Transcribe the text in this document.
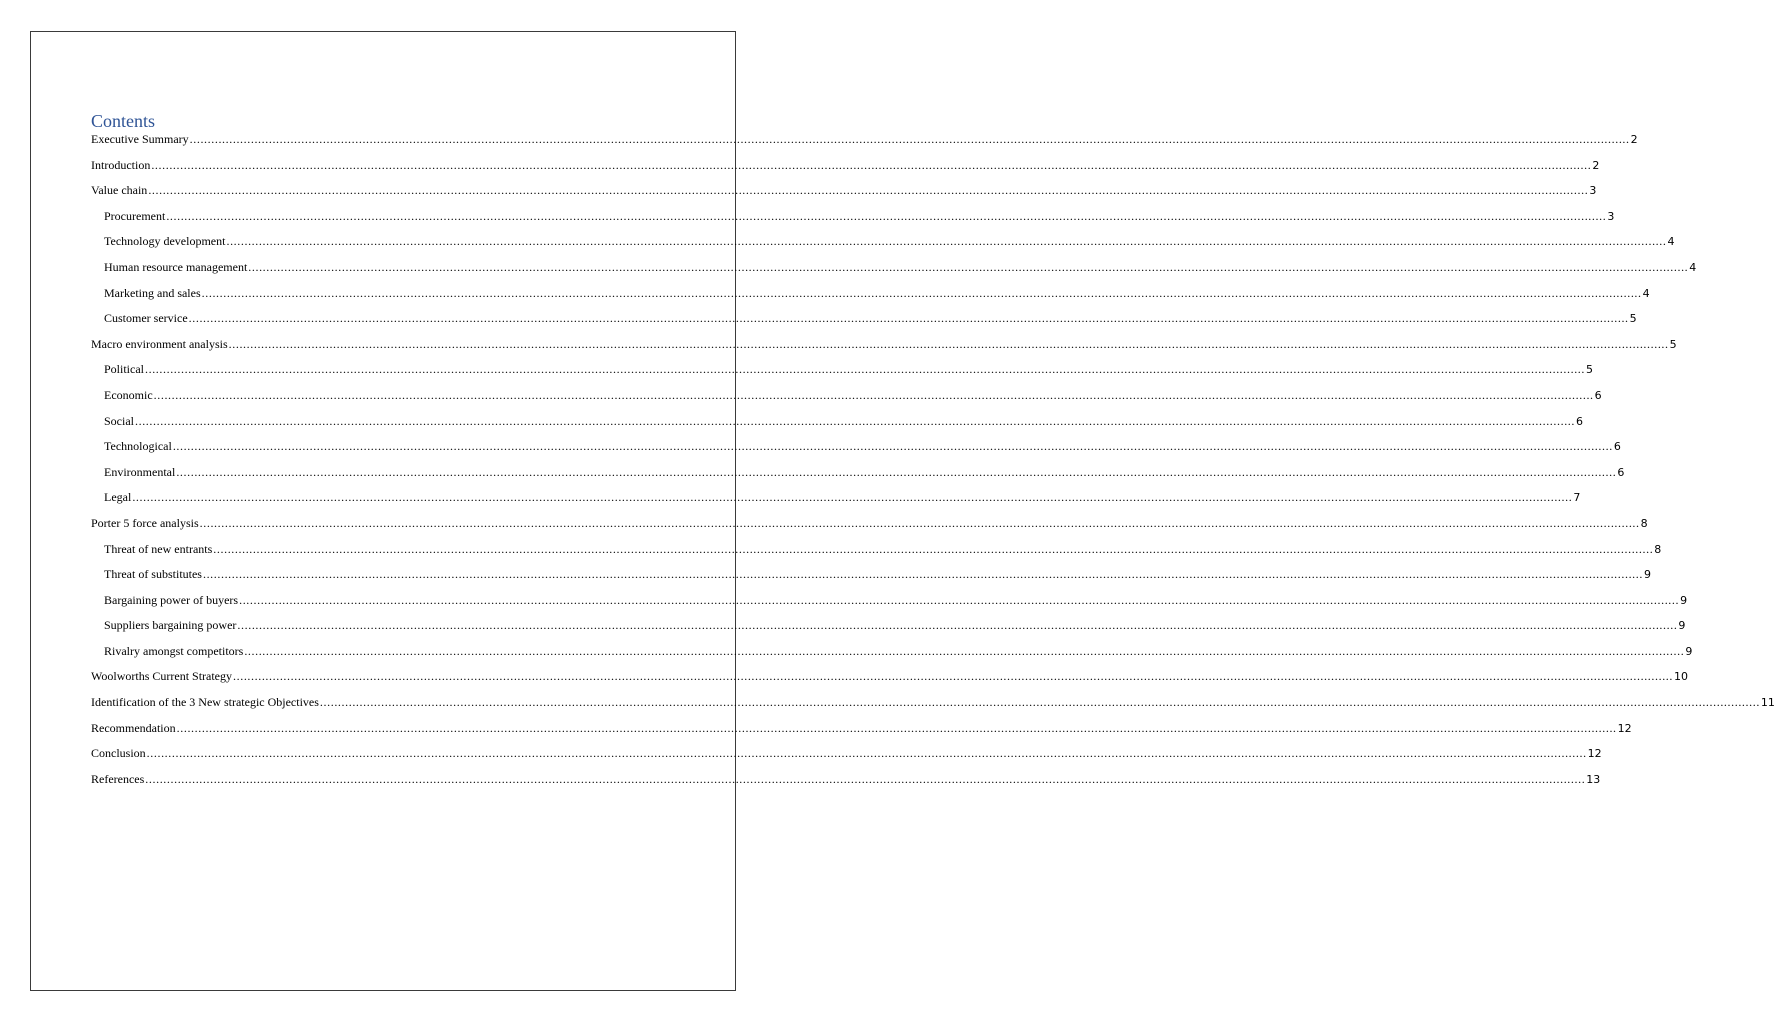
Contents
Executive Summary ................................................................................................................................................................................................................................................................................................................................................................................................................ 2
Introduction ................................................................................................................................................................................................................................................................................................................................................................................................................ 2
Value chain ................................................................................................................................................................................................................................................................................................................................................................................................................ 3
Procurement ................................................................................................................................................................................................................................................................................................................................................................................................................ 3
Technology development ................................................................................................................................................................................................................................................................................................................................................................................................................ 4
Human resource management ................................................................................................................................................................................................................................................................................................................................................................................................................ 4
Marketing and sales ................................................................................................................................................................................................................................................................................................................................................................................................................ 4
Customer service ................................................................................................................................................................................................................................................................................................................................................................................................................ 5
Macro environment analysis ................................................................................................................................................................................................................................................................................................................................................................................................................ 5
Political ................................................................................................................................................................................................................................................................................................................................................................................................................ 5
Economic ................................................................................................................................................................................................................................................................................................................................................................................................................ 6
Social ................................................................................................................................................................................................................................................................................................................................................................................................................ 6
Technological ................................................................................................................................................................................................................................................................................................................................................................................................................ 6
Environmental ................................................................................................................................................................................................................................................................................................................................................................................................................ 6
Legal ................................................................................................................................................................................................................................................................................................................................................................................................................ 7
Porter 5 force analysis ................................................................................................................................................................................................................................................................................................................................................................................................................ 8
Threat of new entrants ................................................................................................................................................................................................................................................................................................................................................................................................................ 8
Threat of substitutes ................................................................................................................................................................................................................................................................................................................................................................................................................ 9
Bargaining power of buyers ................................................................................................................................................................................................................................................................................................................................................................................................................ 9
Suppliers bargaining power ................................................................................................................................................................................................................................................................................................................................................................................................................ 9
Rivalry amongst competitors ................................................................................................................................................................................................................................................................................................................................................................................................................ 9
Woolworths Current Strategy ................................................................................................................................................................................................................................................................................................................................................................................................................ 10
Identification of the 3 New strategic Objectives ................................................................................................................................................................................................................................................................................................................................................................................................................ 11
Recommendation ................................................................................................................................................................................................................................................................................................................................................................................................................ 12
Conclusion ................................................................................................................................................................................................................................................................................................................................................................................................................ 12
References ................................................................................................................................................................................................................................................................................................................................................................................................................ 13
